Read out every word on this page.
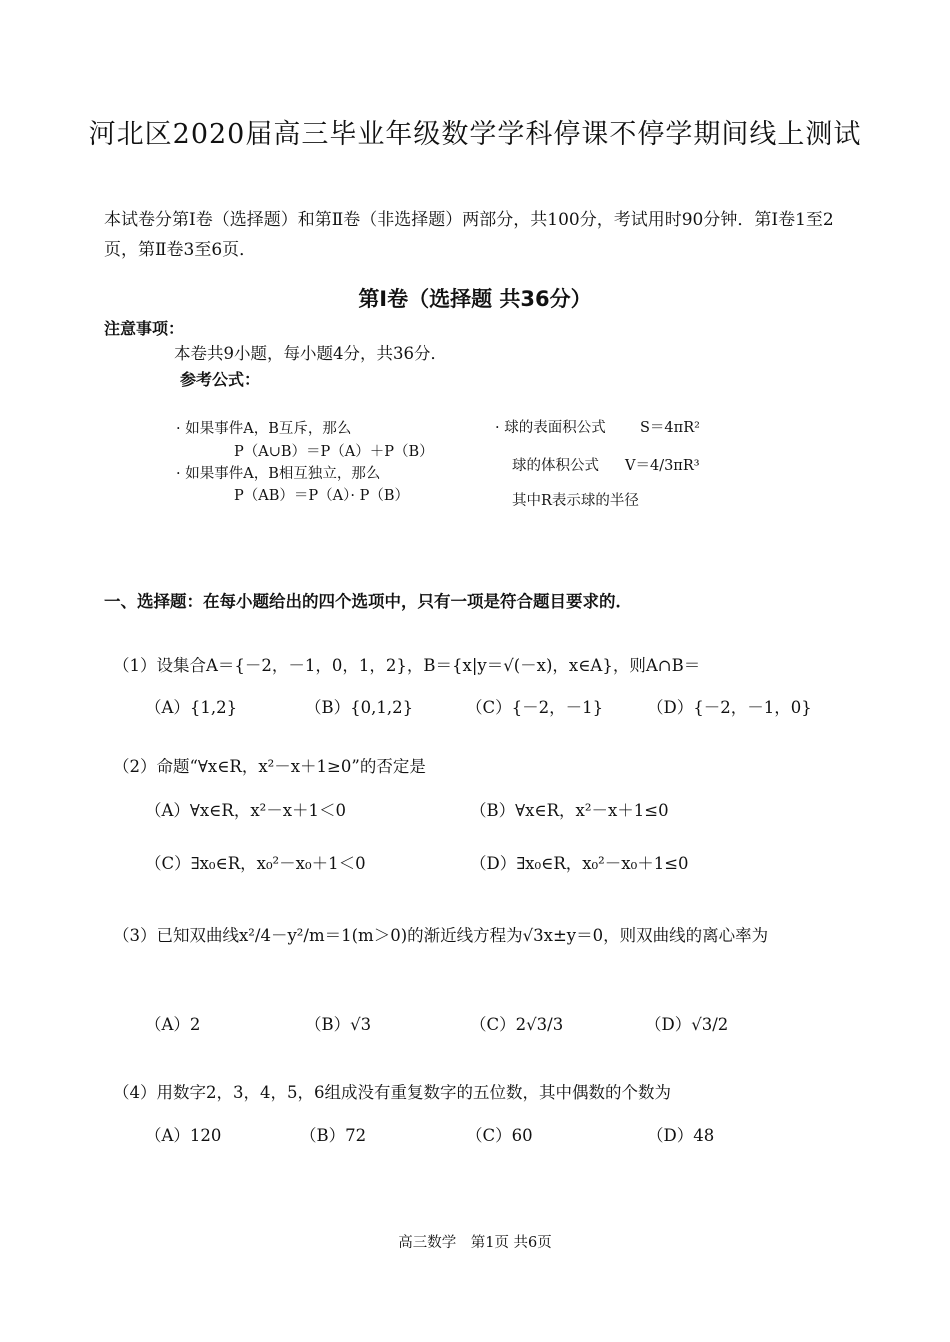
河北区2020届高三毕业年级数学学科停课不停学期间线上测试
本试卷分第Ⅰ卷（选择题）和第Ⅱ卷（非选择题）两部分，共100分，考试用时90分钟．第Ⅰ卷1至2页，第Ⅱ卷3至6页．
第Ⅰ卷（选择题 共36分）
注意事项：
本卷共9小题，每小题4分，共36分．
参考公式：
· 如果事件A，B互斥，那么
P（A∪B）＝P（A）＋P（B）
· 如果事件A，B相互独立，那么
P（AB）＝P（A）· P（B）
· 球的表面积公式 S＝4πR²
球的体积公式 V＝4/3πR³
其中R表示球的半径
一、选择题：在每小题给出的四个选项中，只有一项是符合题目要求的．
（1）设集合A＝{－2，－1，0，1，2}，B＝{x|y＝√(－x)，x∈A}，则A∩B＝
（A）{1,2}	（B）{0,1,2}	（C）{－2，－1}	（D）{－2，－1，0}
（2）命题“∀x∈R，x²－x＋1≥0”的否定是
（A）∀x∈R，x²－x＋1＜0	（B）∀x∈R，x²－x＋1≤0
（C）∃x₀∈R，x₀²－x₀＋1＜0	（D）∃x₀∈R，x₀²－x₀＋1≤0
（3）已知双曲线x²/4－y²/m＝1(m＞0)的渐近线方程为√3x±y＝0，则双曲线的离心率为
（A）2	（B）√3	（C）2√3/3	（D）√3/2
（4）用数字2，3，4，5，6组成没有重复数字的五位数，其中偶数的个数为
（A）120	（B）72	（C）60	（D）48
高三数学　第1页 共6页
